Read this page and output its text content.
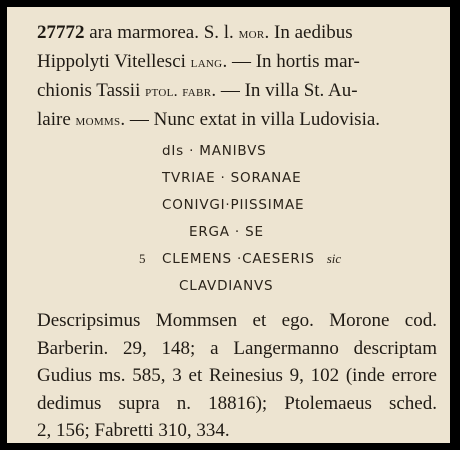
27772 ara marmorea. S. l. mor. In aedibus
Hippolyti Vitellesci lang. — In hortis mar-
chionis Tassii ptol. fabr. — In villa St. Au-
laire momms. — Nunc extat in villa Ludovisia.
dIs · MANIBVS
TVRIAE · SORANAE
CONIVGI·PIISSIMAE
ERGA · SE
5 CLEMENS ·CAESERIS sic
CLAVDIANVS
Descripsimus Mommsen et ego. Morone cod.
Barberin. 29, 148; a Langermanno descriptam
Gudius ms. 585, 3 et Reinesius 9, 102 (inde errore
dedimus supra n. 18816); Ptolemaeus sched.
2, 156; Fabretti 310, 334.
